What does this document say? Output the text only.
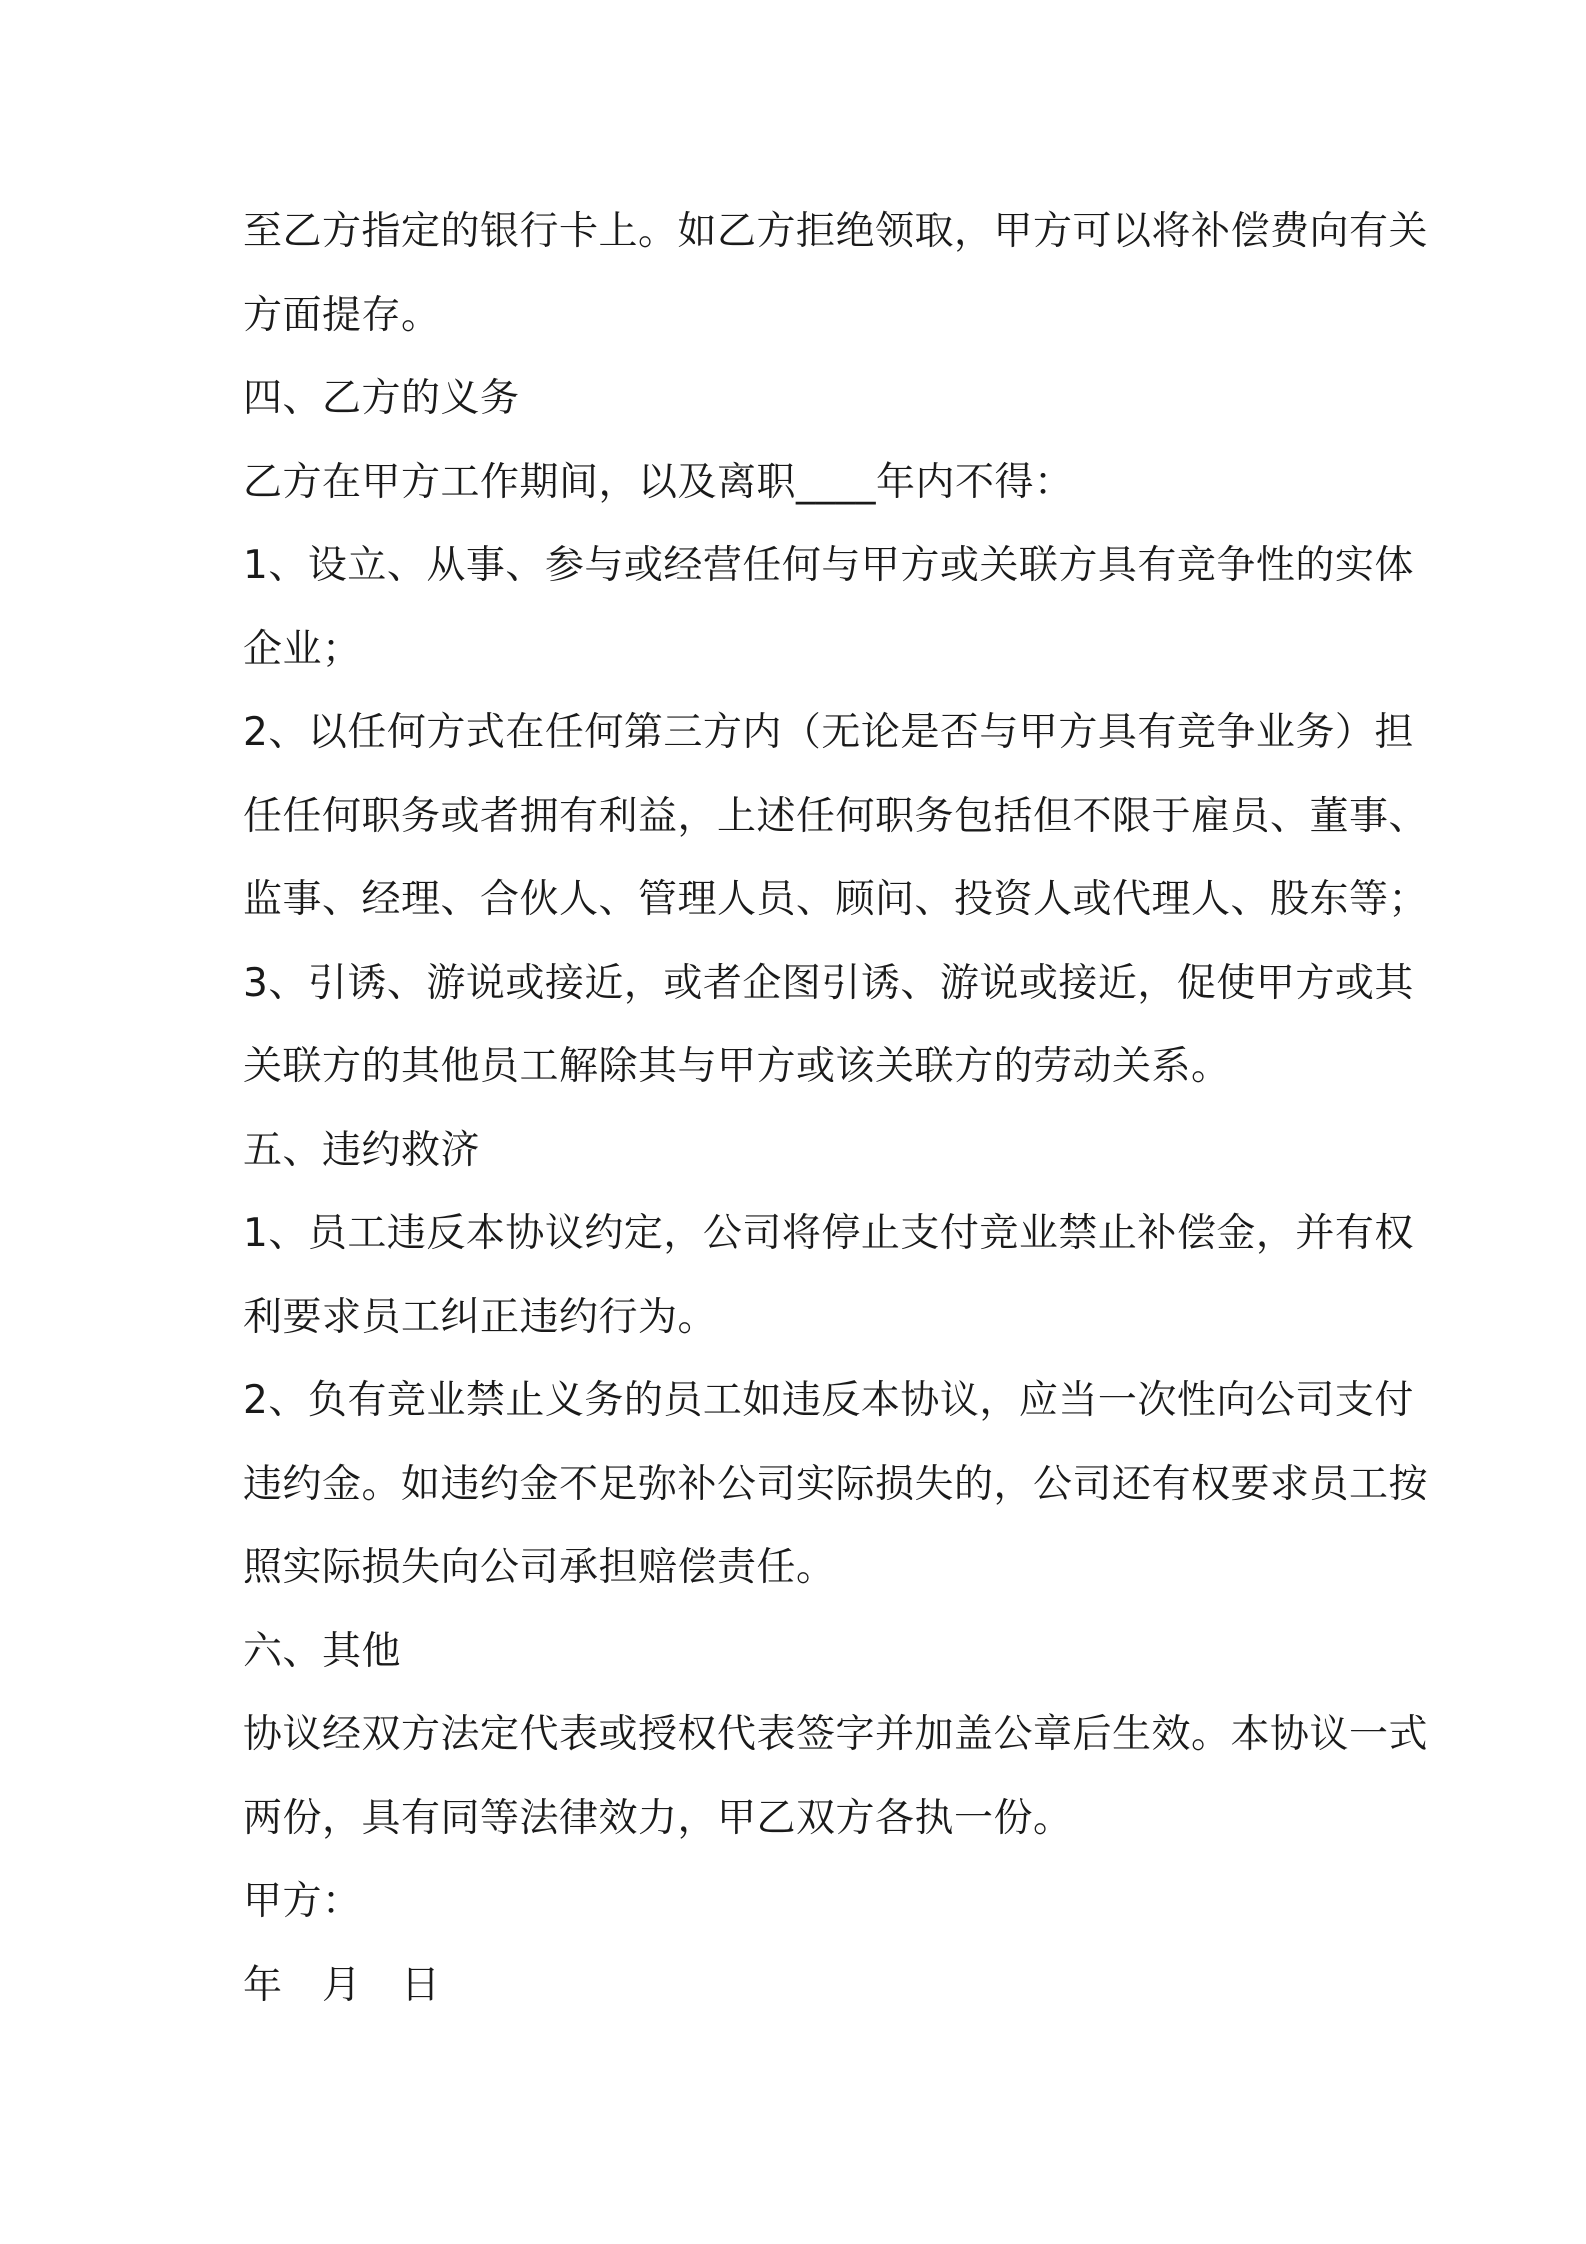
至乙方指定的银行卡上。如乙方拒绝领取，甲方可以将补偿费向有关
方面提存。
四、乙方的义务
乙方在甲方工作期间，以及离职____年内不得：
1、设立、从事、参与或经营任何与甲方或关联方具有竞争性的实体
企业；
2、以任何方式在任何第三方内（无论是否与甲方具有竞争业务）担
任任何职务或者拥有利益，上述任何职务包括但不限于雇员、董事、
监事、经理、合伙人、管理人员、顾问、投资人或代理人、股东等；
3、引诱、游说或接近，或者企图引诱、游说或接近，促使甲方或其
关联方的其他员工解除其与甲方或该关联方的劳动关系。
五、违约救济
1、员工违反本协议约定，公司将停止支付竞业禁止补偿金，并有权
利要求员工纠正违约行为。
2、负有竞业禁止义务的员工如违反本协议，应当一次性向公司支付
违约金。如违约金不足弥补公司实际损失的，公司还有权要求员工按
照实际损失向公司承担赔偿责任。
六、其他
协议经双方法定代表或授权代表签字并加盖公章后生效。本协议一式
两份，具有同等法律效力，甲乙双方各执一份。
甲方：
年　月　日
